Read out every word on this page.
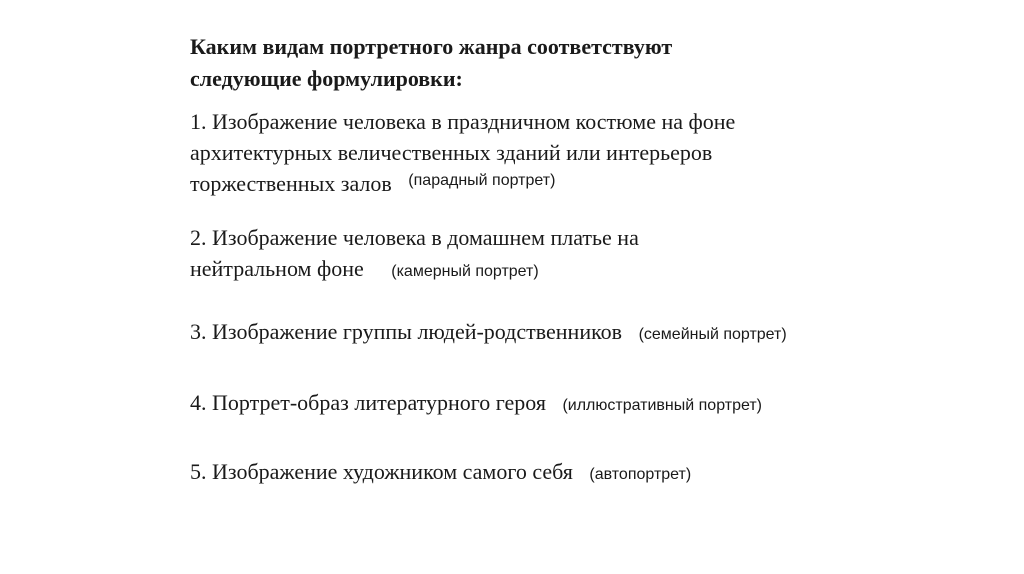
Каким видам портретного жанра соответствуют
следующие формулировки:
1. Изображение человека в праздничном костюме на фоне
архитектурных величественных зданий или интерьеров
торжественных залов $^{(парадный портрет)}$
2. Изображение человека в домашнем платье на
нейтральном фоне (камерный портрет)
3. Изображение группы людей-родственников (семейный портрет)
4. Портрет-образ литературного героя (иллюстративный портрет)
5. Изображение художником самого себя (автопортрет)
